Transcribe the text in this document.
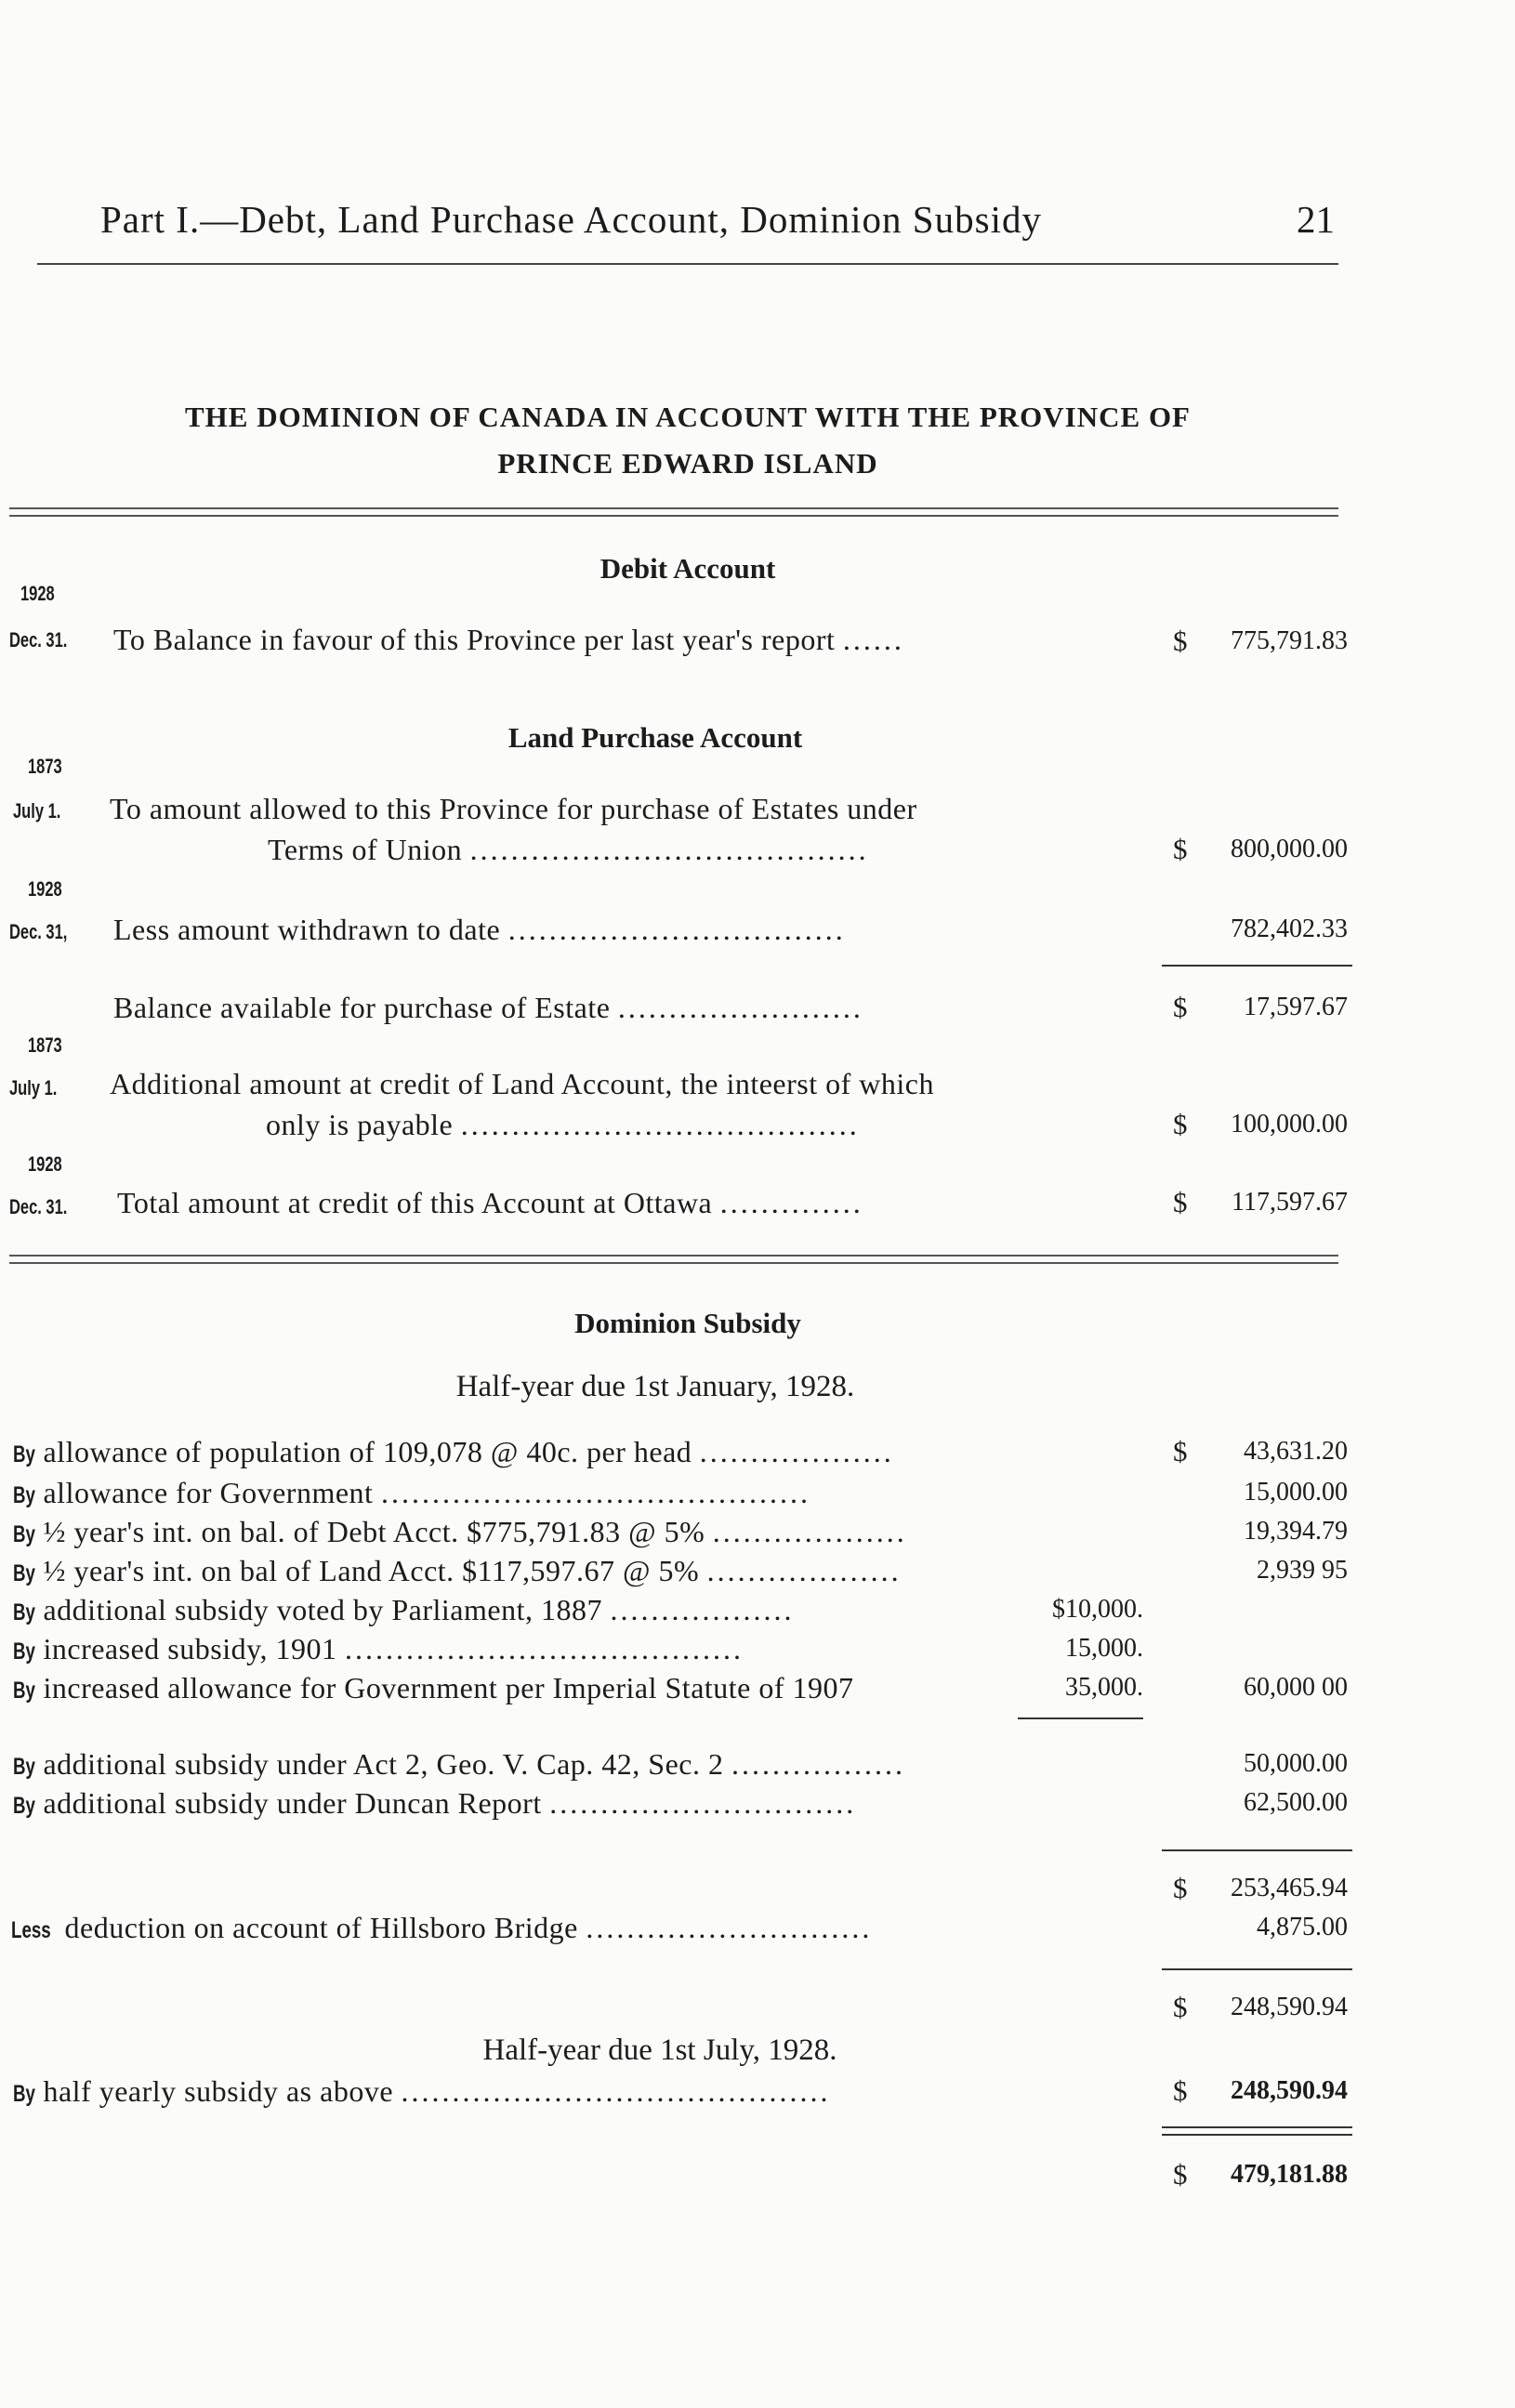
Part I.—Debt, Land Purchase Account, Dominion Subsidy	21
THE DOMINION OF CANADA IN ACCOUNT WITH THE PROVINCE OF
PRINCE EDWARD ISLAND
Debit Account
1928
Dec. 31. To Balance in favour of this Province per last year's report ......	$	775,791.83
Land Purchase Account
1873
July 1. To amount allowed to this Province for purchase of Estates under
Terms of Union .......................................	$	800,000.00
1928
Dec. 31, Less amount withdrawn to date .................................	782,402.33
Balance available for purchase of Estate ........................	$	17,597.67
1873
July 1. Additional amount at credit of Land Account, the inteerst of which
only is payable .......................................	$	100,000.00
1928
Dec. 31. Total amount at credit of this Account at Ottawa ..............	$	117,597.67
Dominion Subsidy
Half-year due 1st January, 1928.
By allowance of population of 109,078 @ 40c. per head ...................	$	43,631.20
By allowance for Government ..........................................	15,000.00
By ½ year's int. on bal. of Debt Acct. $775,791.83 @ 5% ...................	19,394.79
By ½ year's int. on bal of Land Acct. $117,597.67 @ 5% ...................	2,939 95
By additional subsidy voted by Parliament, 1887 ..................	$10,000.
By increased subsidy, 1901 .......................................	15,000.
By increased allowance for Government per Imperial Statute of 1907	35,000.	60,000 00
By additional subsidy under Act 2, Geo. V. Cap. 42, Sec. 2 .................	50,000.00
By additional subsidy under Duncan Report ..............................	62,500.00
$	253,465.94
Less deduction on account of Hillsboro Bridge ............................	4,875.00
$	248,590.94
Half-year due 1st July, 1928.
By half yearly subsidy as above ..........................................	$	248,590.94
$	479,181.88
